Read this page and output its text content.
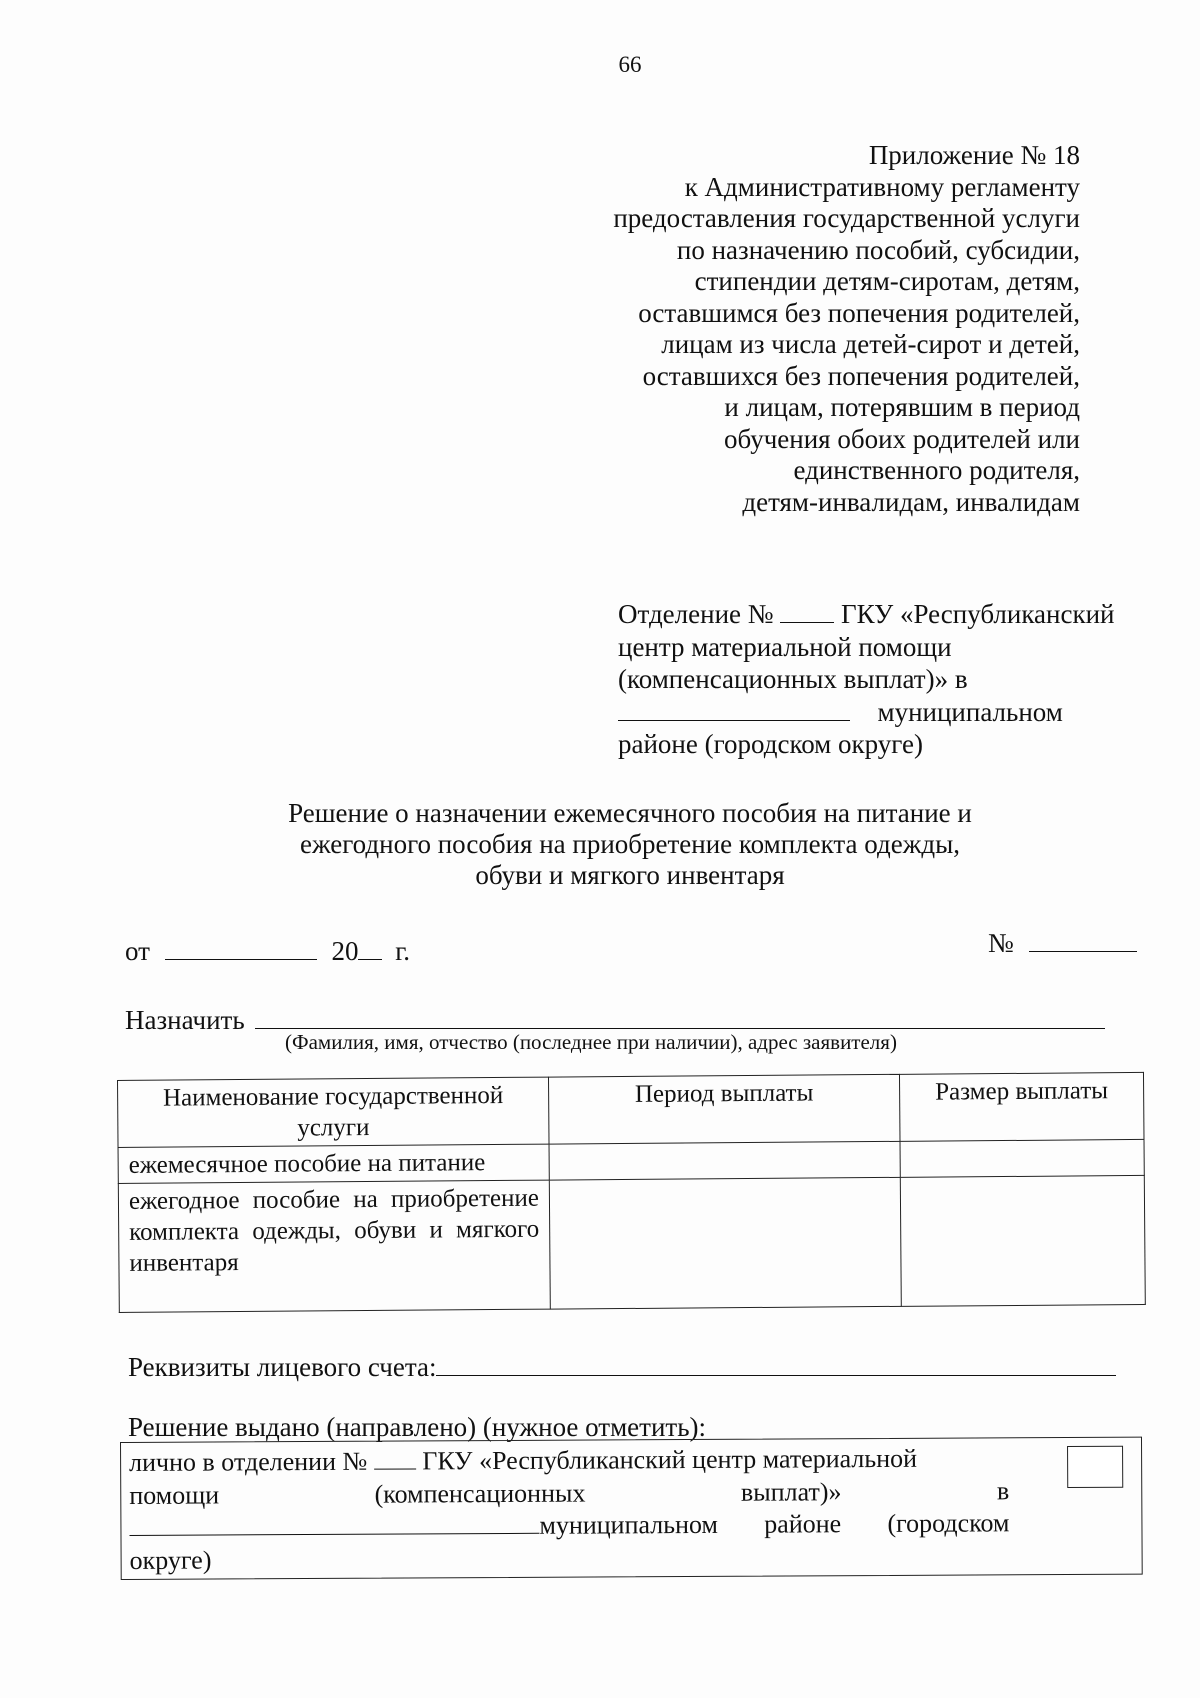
66
Приложение № 18
к Административному регламенту
предоставления государственной услуги
по назначению пособий, субсидии,
стипендии детям-сиротам, детям,
оставшимся без попечения родителей,
лицам из числа детей-сирот и детей,
оставшихся без попечения родителей,
и лицам, потерявшим в период
обучения обоих родителей или
единственного родителя,
детям-инвалидам, инвалидам
Отделение №	ГКУ «Республиканский
центр материальной помощи
(компенсационных выплат)» в
муниципальном
районе (городском округе)
Решение о назначении ежемесячного пособия на питание и
ежегодного пособия на приобретение комплекта одежды,
обуви и мягкого инвентаря
от	20 г.	№
Назначить
(Фамилия, имя, отчество (последнее при наличии), адрес заявителя)
Наименование государственной услуги	Период выплаты	Размер выплаты
ежемесячное пособие на питание		
ежегодное пособие на приобретение комплекта одежды, обуви и мягкого инвентаря		
Реквизиты лицевого счета:
Решение выдано (направлено) (нужное отметить):
лично в отделении № ГКУ «Республиканский центр материальной
помощи	(компенсационных	выплат)»	в
муниципальном районе (городском
округе)
